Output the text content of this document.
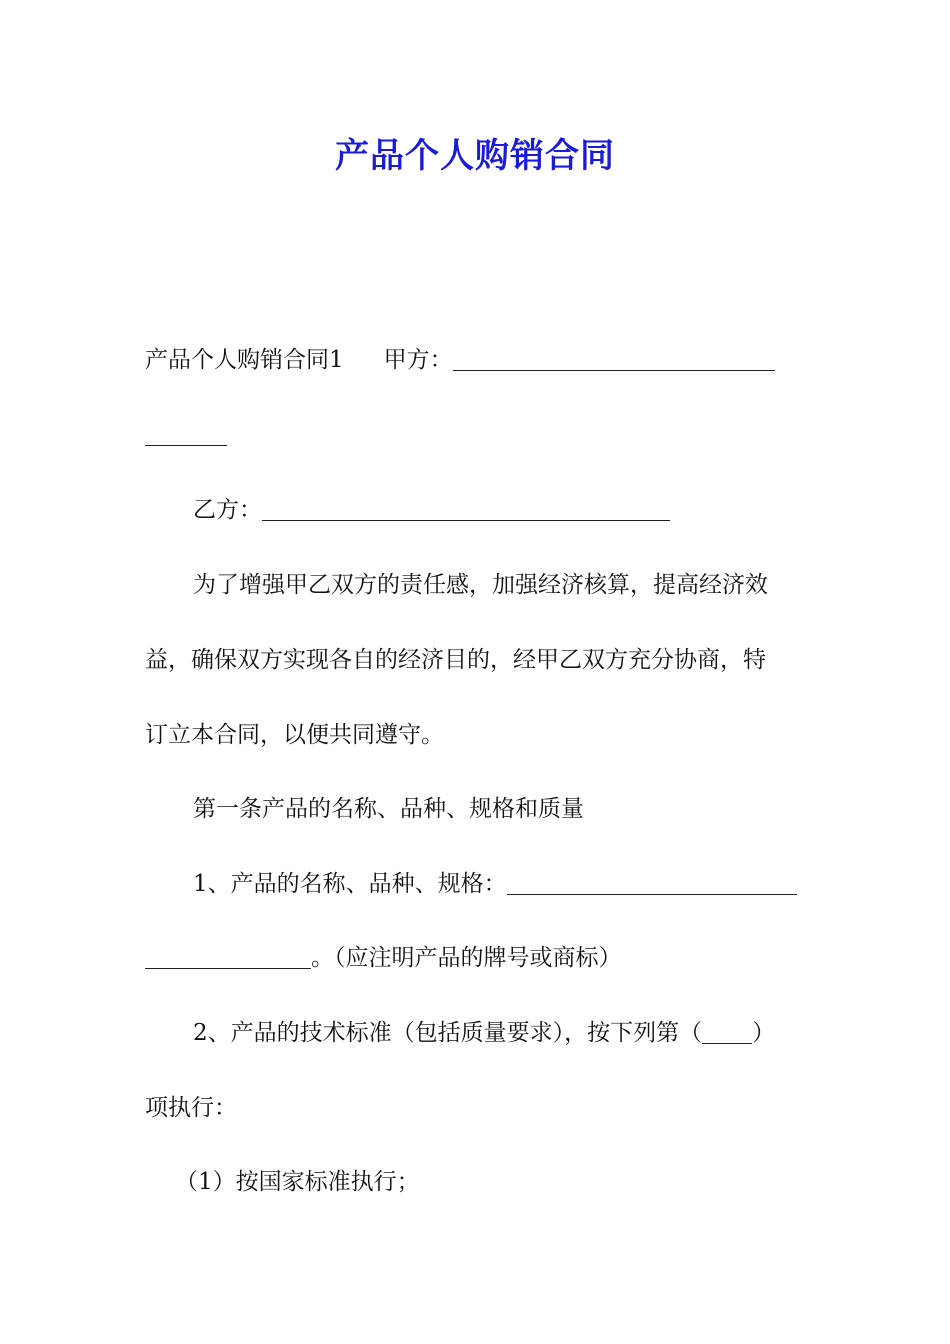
产品个人购销合同
产品个人购销合同1 甲方：
乙方：
为了增强甲乙双方的责任感，加强经济核算，提高经济效
益，确保双方实现各自的经济目的，经甲乙双方充分协商，特
订立本合同，以便共同遵守。
第一条产品的名称、品种、规格和质量
1、产品的名称、品种、规格：
。（应注明产品的牌号或商标）
2、产品的技术标准（包括质量要求），按下列第（ ）
项执行：
（1）按国家标准执行；
